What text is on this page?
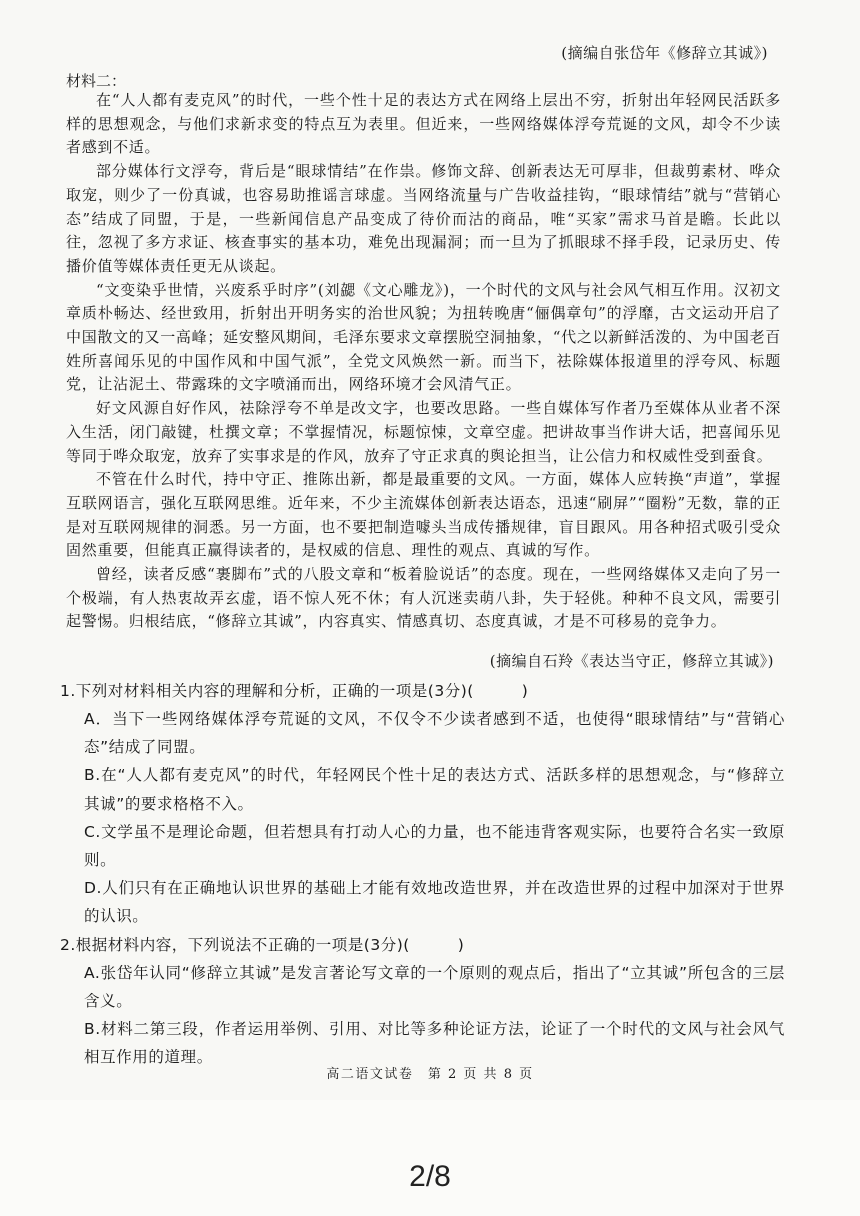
(摘编自张岱年《修辞立其诚》)
材料二：

在“人人都有麦克风”的时代，一些个性十足的表达方式在网络上层出不穷，折射出年轻网民活跃多样的思想观念，与他们求新求变的特点互为表里。但近来，一些网络媒体浮夸荒诞的文风，却令不少读者感到不适。

部分媒体行文浮夸，背后是“眼球情结”在作祟。修饰文辞、创新表达无可厚非，但裁剪素材、哗众取宠，则少了一份真诚，也容易助推谣言球虚。当网络流量与广告收益挂钩，“眼球情结”就与“营销心态”结成了同盟，于是，一些新闻信息产品变成了待价而沽的商品，唯“买家”需求马首是瞻。长此以往，忽视了多方求证、核查事实的基本功，难免出现漏洞；而一旦为了抓眼球不择手段，记录历史、传播价值等媒体责任更无从谈起。

“文变染乎世情，兴废系乎时序”(刘勰《文心雕龙》)，一个时代的文风与社会风气相互作用。汉初文章质朴畅达、经世致用，折射出开明务实的治世风貌；为扭转晚唐“俪偶章句”的浮靡，古文运动开启了中国散文的又一高峰；延安整风期间，毛泽东要求文章摆脱空洞抽象，“代之以新鲜活泼的、为中国老百姓所喜闻乐见的中国作风和中国气派”，全党文风焕然一新。而当下，祛除媒体报道里的浮夸风、标题党，让沾泥土、带露珠的文字喷涌而出，网络环境才会风清气正。

好文风源自好作风，祛除浮夸不单是改文字，也要改思路。一些自媒体写作者乃至媒体从业者不深入生活，闭门敲键，杜撰文章；不掌握情况，标题惊悚，文章空虚。把讲故事当作讲大话，把喜闻乐见等同于哗众取宠，放弃了实事求是的作风，放弃了守正求真的舆论担当，让公信力和权威性受到蚕食。

不管在什么时代，持中守正、推陈出新，都是最重要的文风。一方面，媒体人应转换“声道”，掌握互联网语言，强化互联网思维。近年来，不少主流媒体创新表达语态，迅速“刷屏”“圈粉”无数，靠的正是对互联网规律的洞悉。另一方面，也不要把制造噱头当成传播规律，盲目跟风。用各种招式吸引受众固然重要，但能真正赢得读者的，是权威的信息、理性的观点、真诚的写作。

曾经，读者反感“裹脚布”式的八股文章和“板着脸说话”的态度。现在，一些网络媒体又走向了另一个极端，有人热衷故弄玄虚，语不惊人死不休；有人沉迷卖萌八卦，失于轻佻。种种不良文风，需要引起警惕。归根结底，“修辞立其诚”，内容真实、情感真切、态度真诚，才是不可移易的竞争力。

(摘编自石羚《表达当守正，修辞立其诚》)

1.下列对材料相关内容的理解和分析，正确的一项是(3分)(　　　)

A．当下一些网络媒体浮夸荒诞的文风，不仅令不少读者感到不适，也使得“眼球情结”与“营销心态”结成了同盟。

B.在“人人都有麦克风”的时代，年轻网民个性十足的表达方式、活跃多样的思想观念，与“修辞立其诚”的要求格格不入。

C.文学虽不是理论命题，但若想具有打动人心的力量，也不能违背客观实际，也要符合名实一致原则。

D.人们只有在正确地认识世界的基础上才能有效地改造世界，并在改造世界的过程中加深对于世界的认识。

2.根据材料内容，下列说法不正确的一项是(3分)(　　　)

A.张岱年认同“修辞立其诚”是发言著论写文章的一个原则的观点后，指出了“立其诚”所包含的三层含义。

B.材料二第三段，作者运用举例、引用、对比等多种论证方法，论证了一个时代的文风与社会风气相互作用的道理。

高二语文试卷　第 2 页 共 8 页
2/8
